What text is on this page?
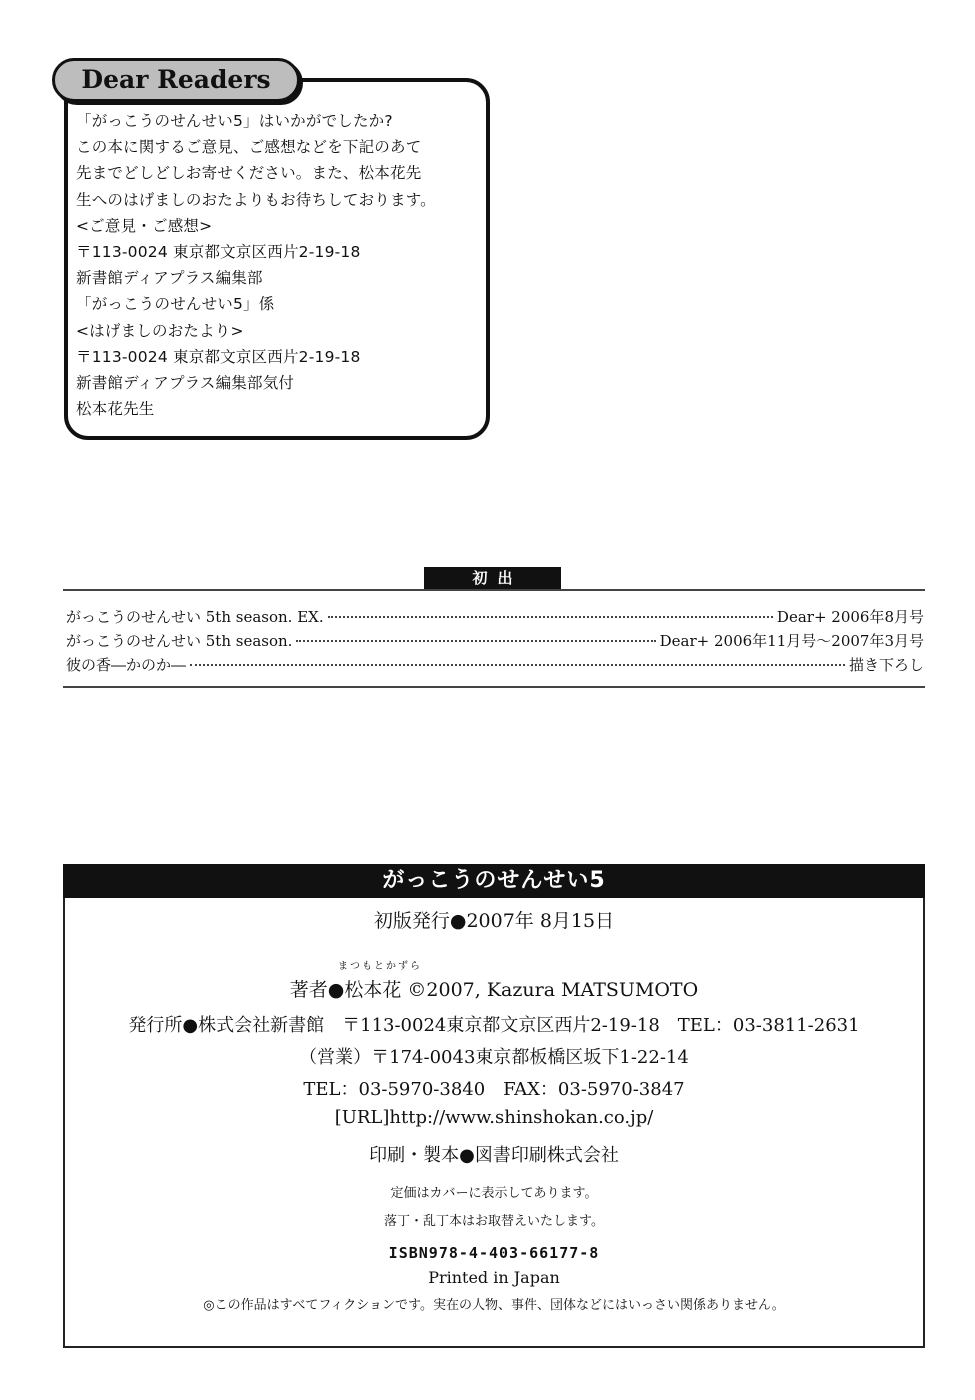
Dear Readers
「がっこうのせんせい5」はいかがでしたか?
この本に関するご意見、ご感想などを下記のあて
先までどしどしお寄せください。また、松本花先
生へのはげましのおたよりもお待ちしております。
<ご意見・ご感想>
〒113-0024 東京都文京区西片2-19-18
新書館ディアプラス編集部
「がっこうのせんせい5」係
<はげましのおたより>
〒113-0024 東京都文京区西片2-19-18
新書館ディアプラス編集部気付
松本花先生
初出
がっこうのせんせい 5th season. EX.	Dear+ 2006年8月号
がっこうのせんせい 5th season.	Dear+ 2006年11月号〜2007年3月号
彼の香―かのか―	描き下ろし
がっこうのせんせい5
初版発行●2007年 8月15日
まつもとかずら
著者●松本花 ©2007, Kazura MATSUMOTO
発行所●株式会社新書館　〒113-0024東京都文京区西片2-19-18　TEL：03-3811-2631
（営業）〒174-0043東京都板橋区坂下1-22-14
TEL：03-5970-3840　FAX：03-5970-3847
[URL]http://www.shinshokan.co.jp/
印刷・製本●図書印刷株式会社
定価はカバーに表示してあります。
落丁・乱丁本はお取替えいたします。
ISBN978-4-403-66177-8
Printed in Japan
◎この作品はすべてフィクションです。実在の人物、事件、団体などにはいっさい関係ありません。
